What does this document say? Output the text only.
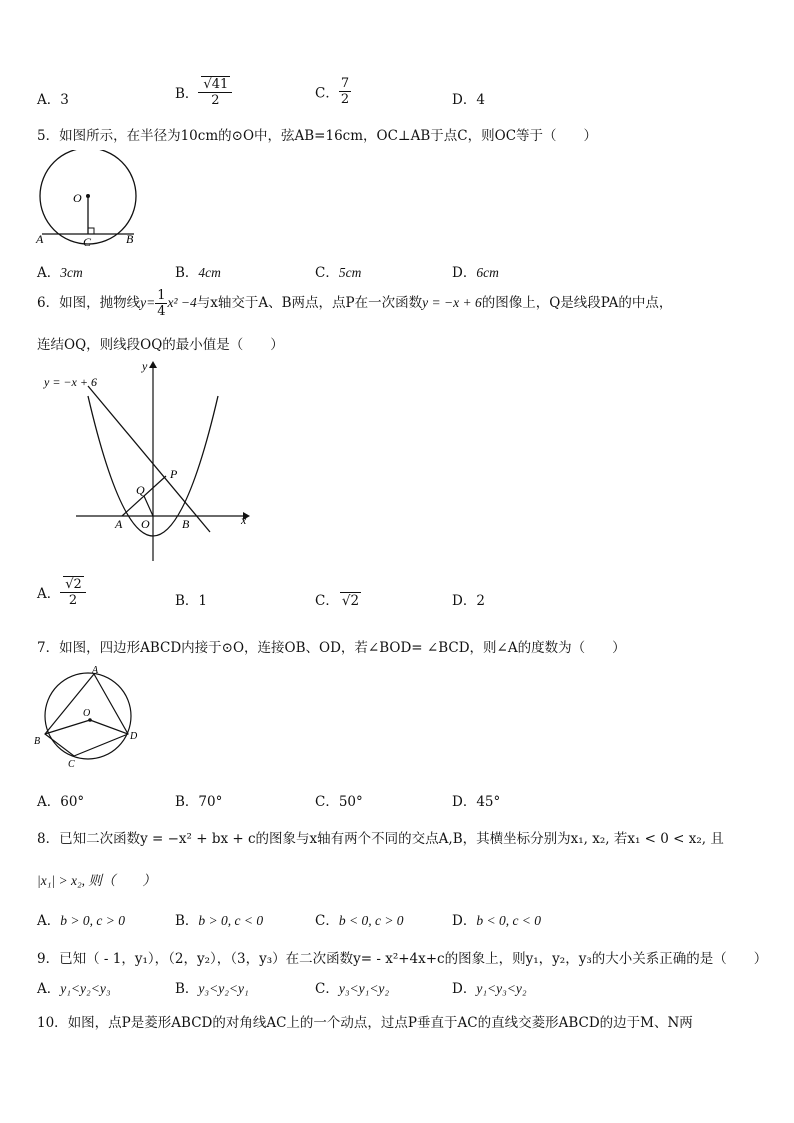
A．3	B． √ $\frac{41}{2}$	C． $\frac{7}{2}$	D．4
5．如图所示，在半径为10cm的⊙O中，弦AB=16cm，OC⊥AB于点C，则OC等于（　　）
O
A	B
C
A．3cm	B．4cm	C．5cm	D．6cm
6．如图，抛物线$y= \frac{1}{4} x^2 -4$与x轴交于A、B两点，点P在一次函数y = −x + 6的图像上，Q是线段PA的中点，
连结OQ，则线段OQ的最小值是（　　）
y = −x + 6
y
x
P
Q
A O	B
A． √ $\frac{2}{2}$	B．1	C． √ 2	D．2
7．如图，四边形ABCD内接于⊙O，连接OB、OD，若∠BOD= ∠BCD，则∠A的度数为（　　）
A
B
C
D
O
A．60°	B．70°	C．50°	D．45°
8．已知二次函数y = −x² + bx + c的图象与x轴有两个不同的交点A,B，其横坐标分别为x₁, x₂, 若x₁ < 0 < x₂, 且
|x₁| > x₂, 则（　　）
A．b > 0, c > 0	B．b > 0, c < 0	C．b < 0, c > 0	D．b < 0, c < 0
9．已知（ - 1，y₁），（2，y₂），（3，y₃）在二次函数y= - x²+4x+c的图象上，则y₁，y₂，y₃的大小关系正确的是（　　）
A．y₁<y₂<y₃	B．y₃<y₂<y₁	C．y₃<y₁<y₂	D．y₁<y₃<y₂
10．如图，点P是菱形ABCD的对角线AC上的一个动点，过点P垂直于AC的直线交菱形ABCD的边于M、N两
